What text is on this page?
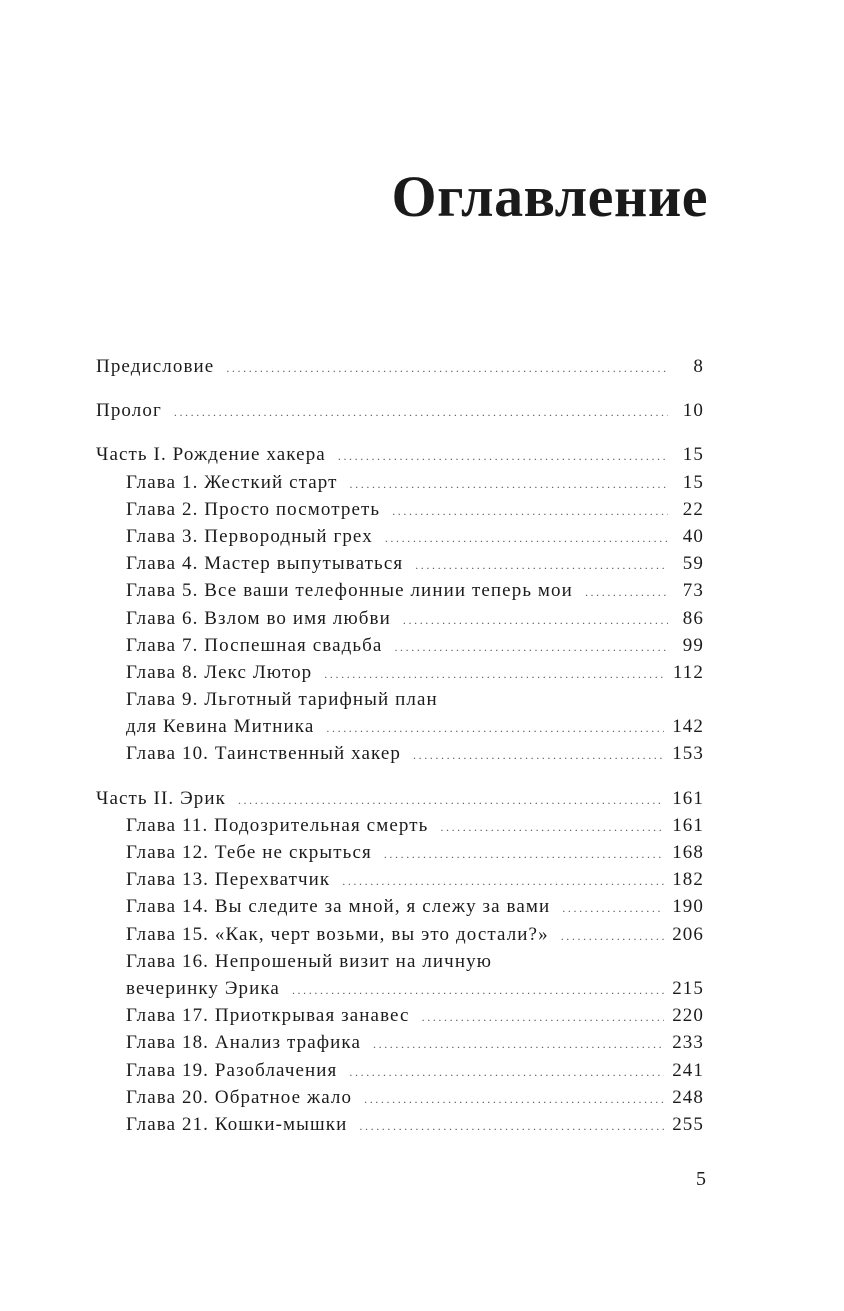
Оглавление
Предисловие .....	8
Пролог .....	10
Часть I. Рождение хакера .....	15
Глава 1. Жесткий старт .....	15
Глава 2. Просто посмотреть .....	22
Глава 3. Первородный грех .....	40
Глава 4. Мастер выпутываться .....	59
Глава 5. Все ваши телефонные линии теперь мои .....	73
Глава 6. Взлом во имя любви .....	86
Глава 7. Поспешная свадьба .....	99
Глава 8. Лекс Лютор .....	112
Глава 9. Льготный тарифный план
для Кевина Митника .....	142
Глава 10. Таинственный хакер .....	153
Часть II. Эрик .....	161
Глава 11. Подозрительная смерть .....	161
Глава 12. Тебе не скрыться .....	168
Глава 13. Перехватчик .....	182
Глава 14. Вы следите за мной, я слежу за вами .....	190
Глава 15. «Как, черт возьми, вы это достали?» .....	206
Глава 16. Непрошеный визит на личную
вечеринку Эрика .....	215
Глава 17. Приоткрывая занавес .....	220
Глава 18. Анализ трафика .....	233
Глава 19. Разоблачения .....	241
Глава 20. Обратное жало .....	248
Глава 21. Кошки-мышки .....	255
5
